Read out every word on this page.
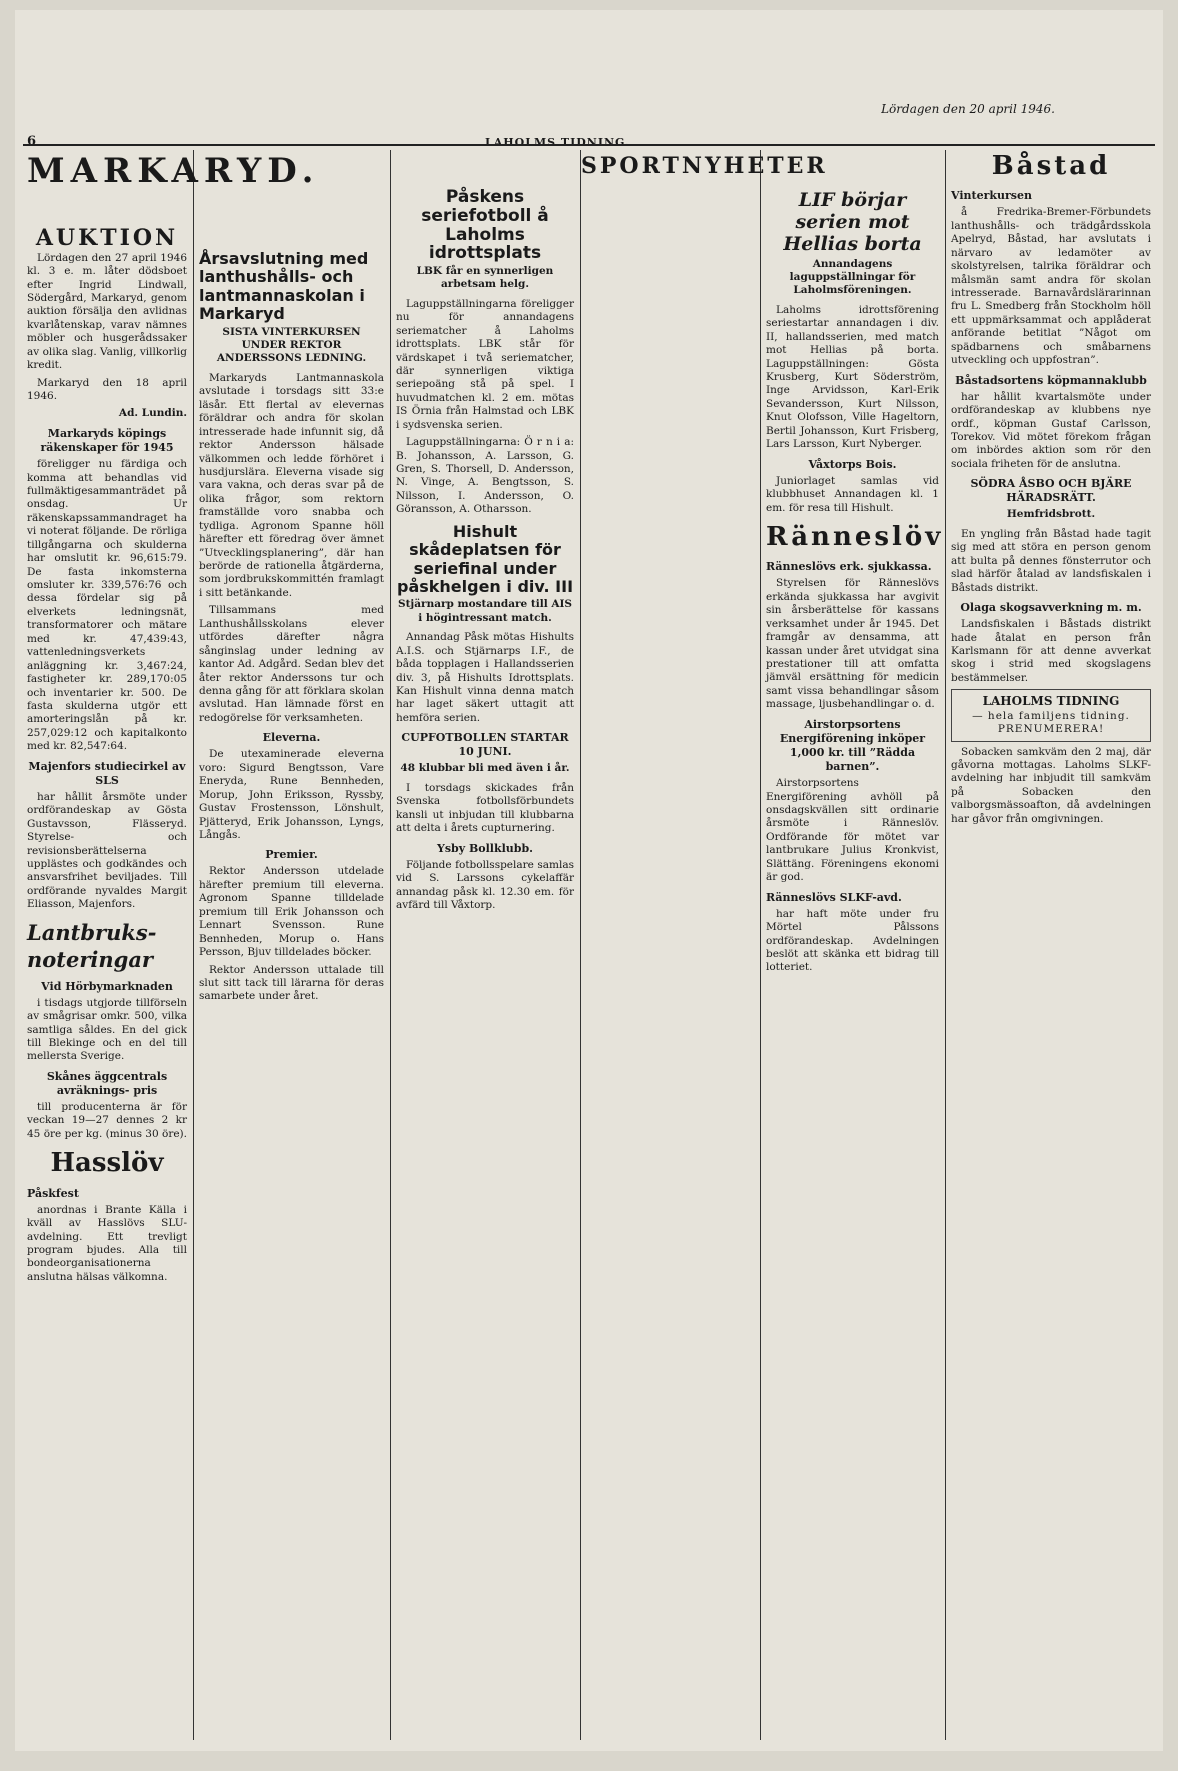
6	LAHOLMS TIDNING.
Lördagen den 20 april 1946.
MARKARYD.
AUKTION

Lördagen den 27 april 1946 kl. 3 e. m. låter dödsboet efter Ingrid Lindwall, Södergård, Markaryd, genom auktion försälja den avlidnas kvarlåtenskap, varav nämnes möbler och husgerådssaker av olika slag. Vanlig, villkorlig kredit.

Markaryd den 18 april 1946.

Ad. Lundin.

Markaryds köpings räkenskaper för 1945

föreligger nu färdiga och komma att behandlas vid fullmäktigesammanträdet på onsdag. Ur räkenskapssammandraget ha vi noterat följande. De rörliga tillgångarna och skulderna har omslutit kr. 96,615:79. De fasta inkomsterna omsluter kr. 339,576:76 och dessa fördelar sig på elverkets ledningsnät, transformatorer och mätare med kr. 47,439:43, vattenledningsverkets anläggning kr. 3,467:24, fastigheter kr. 289,170:05 och inventarier kr. 500. De fasta skulderna utgör ett amorteringslån på kr. 257,029:12 och kapitalkonto med kr. 82,547:64.

Majenfors studiecirkel av SLS

har hållit årsmöte under ordförandeskap av Gösta Gustavsson, Flässeryd. Styrelse- och revisionsberättelserna upplästes och godkändes och ansvarsfrihet beviljades. Till ordförande nyvaldes Margit Eliasson, Majenfors.

Lantbruks- noteringar
Vid Hörbymarknaden

i tisdags utgjorde tillförseln av smågrisar omkr. 500, vilka samtliga såldes. En del gick till Blekinge och en del till mellersta Sverige.

Skånes äggcentrals avräknings- pris

till producenterna är för veckan 19—27 dennes 2 kr 45 öre per kg. (minus 30 öre).

Hasslöv
Påskfest

anordnas i Brante Källa i kväll av Hasslövs SLU-avdelning. Ett trevligt program bjudes. Alla till bondeorganisationerna anslutna hälsas välkomna.

Årsavslutning med lanthushålls- och lantmannaskolan i Markaryd
SISTA VINTERKURSEN UNDER REKTOR ANDERSSONS LEDNING.

Markaryds Lantmannaskola avslutade i torsdags sitt 33:e läsår. Ett flertal av elevernas föräldrar och andra för skolan intresserade hade infunnit sig, då rektor Andersson hälsade välkommen och ledde förhöret i husdjurslära. Eleverna visade sig vara vakna, och deras svar på de olika frågor, som rektorn framställde voro snabba och tydliga. Agronom Spanne höll härefter ett föredrag över ämnet ”Utvecklingsplanering”, där han berörde de rationella åtgärderna, som jordbrukskommittén framlagt i sitt betänkande.

Tillsammans med Lanthushållsskolans elever utfördes därefter några sånginslag under ledning av kantor Ad. Adgård. Sedan blev det åter rektor Anderssons tur och denna gång för att förklara skolan avslutad. Han lämnade först en redogörelse för verksamheten.

Eleverna.

De utexaminerade eleverna voro: Sigurd Bengtsson, Vare Eneryda, Rune Bennheden, Morup, John Eriksson, Ryssby, Gustav Frostensson, Lönshult, Pjätteryd, Erik Johansson, Lyngs, Långås.

Premier.

Rektor Andersson utdelade härefter premium till eleverna. Agronom Spanne tilldelade premium till Erik Johansson och Lennart Svensson. Rune Bennheden, Morup o. Hans Persson, Bjuv tilldelades böcker.

Rektor Andersson uttalade till slut sitt tack till lärarna för deras samarbete under året.

SPORTNYHETER
Påskens seriefotboll å Laholms idrottsplats
LBK får en synnerligen arbetsam helg.

Laguppställningarna föreligger nu för annandagens seriematcher å Laholms idrottsplats. LBK står för värdskapet i två seriematcher, där synnerligen viktiga seriepoäng stå på spel. I huvudmatchen kl. 2 em. mötas IS Örnia från Halmstad och LBK i sydsvenska serien.

Laguppställningarna: Ö r n i a: B. Johansson, A. Larsson, G. Gren, S. Thorsell, D. Andersson, N. Vinge, A. Bengtsson, S. Nilsson, I. Andersson, O. Göransson, A. Otharsson.

Hishult skådeplatsen för seriefinal under påskhelgen i div. III
Stjärnarp mostandare till AIS i högintressant match.

Annandag Påsk mötas Hishults A.I.S. och Stjärnarps I.F., de båda topplagen i Hallandsserien div. 3, på Hishults Idrottsplats. Kan Hishult vinna denna match har laget säkert uttagit att hemföra serien.

CUPFOTBOLLEN STARTAR 10 JUNI.
48 klubbar bli med även i år.

I torsdags skickades från Svenska fotbollsförbundets kansli ut inbjudan till klubbarna att delta i årets cupturnering.

Ysby Bollklubb.

Följande fotbollsspelare samlas vid S. Larssons cykelaffär annandag påsk kl. 12.30 em. för avfärd till Våxtorp.

LIF börjar serien mot Hellias borta
Annandagens laguppställningar för Laholmsföreningen.

Laholms idrottsförening seriestartar annandagen i div. II, hallandsserien, med match mot Hellias på borta. Laguppställningen: Gösta Krusberg, Kurt Söderström, Inge Arvidsson, Karl-Erik Sevandersson, Kurt Nilsson, Knut Olofsson, Ville Hageltorn, Bertil Johansson, Kurt Frisberg, Lars Larsson, Kurt Nyberger.

Våxtorps Bois.

Juniorlaget samlas vid klubbhuset Annandagen kl. 1 em. för resa till Hishult.

Ränneslöv
Ränneslövs erk. sjukkassa.

Styrelsen för Ränneslövs erkända sjukkassa har avgivit sin årsberättelse för kassans verksamhet under år 1945. Det framgår av densamma, att kassan under året utvidgat sina prestationer till att omfatta jämväl ersättning för medicin samt vissa behandlingar såsom massage, ljusbehandlingar o. d.

Airstorpsortens Energiförening inköper 1,000 kr. till ”Rädda barnen”.

Airstorpsortens Energiförening avhöll på onsdagskvällen sitt ordinarie årsmöte i Ränneslöv. Ordförande för mötet var lantbrukare Julius Kronkvist, Slättäng. Föreningens ekonomi är god.

Ränneslövs SLKF-avd.

har haft möte under fru Mörtel Pålssons ordförandeskap. Avdelningen beslöt att skänka ett bidrag till lotteriet.

Båstad
Vinterkursen

å Fredrika-Bremer-Förbundets lanthushålls- och trädgårdsskola Apelryd, Båstad, har avslutats i närvaro av ledamöter av skolstyrelsen, talrika föräldrar och målsmän samt andra för skolan intresserade. Barnavårdslärarinnan fru L. Smedberg från Stockholm höll ett uppmärksammat och applåderat anförande betitlat ”Något om spädbarnens och småbarnens utveckling och uppfostran”.

Båstadsortens köpmannaklubb

har hållit kvartalsmöte under ordförandeskap av klubbens nye ordf., köpman Gustaf Carlsson, Torekov. Vid mötet förekom frågan om inbördes aktion som rör den sociala friheten för de anslutna.

SÖDRA ÅSBO OCH BJÄRE HÄRADSRÄTT.
Hemfridsbrott.

En yngling från Båstad hade tagit sig med att störa en person genom att bulta på dennes fönsterrutor och slad härför åtalad av landsfiskalen i Båstads distrikt.

Olaga skogsavverkning m. m.

Landsfiskalen i Båstads distrikt hade åtalat en person från Karlsmann för att denne avverkat skog i strid med skogslagens bestämmelser.

LAHOLMS TIDNING
— hela familjens tidning. PRENUMERERA!

Sobacken samkväm den 2 maj, där gåvorna mottagas. Laholms SLKF-avdelning har inbjudit till samkväm på Sobacken den valborgsmässoafton, då avdelningen har gåvor från omgivningen.
